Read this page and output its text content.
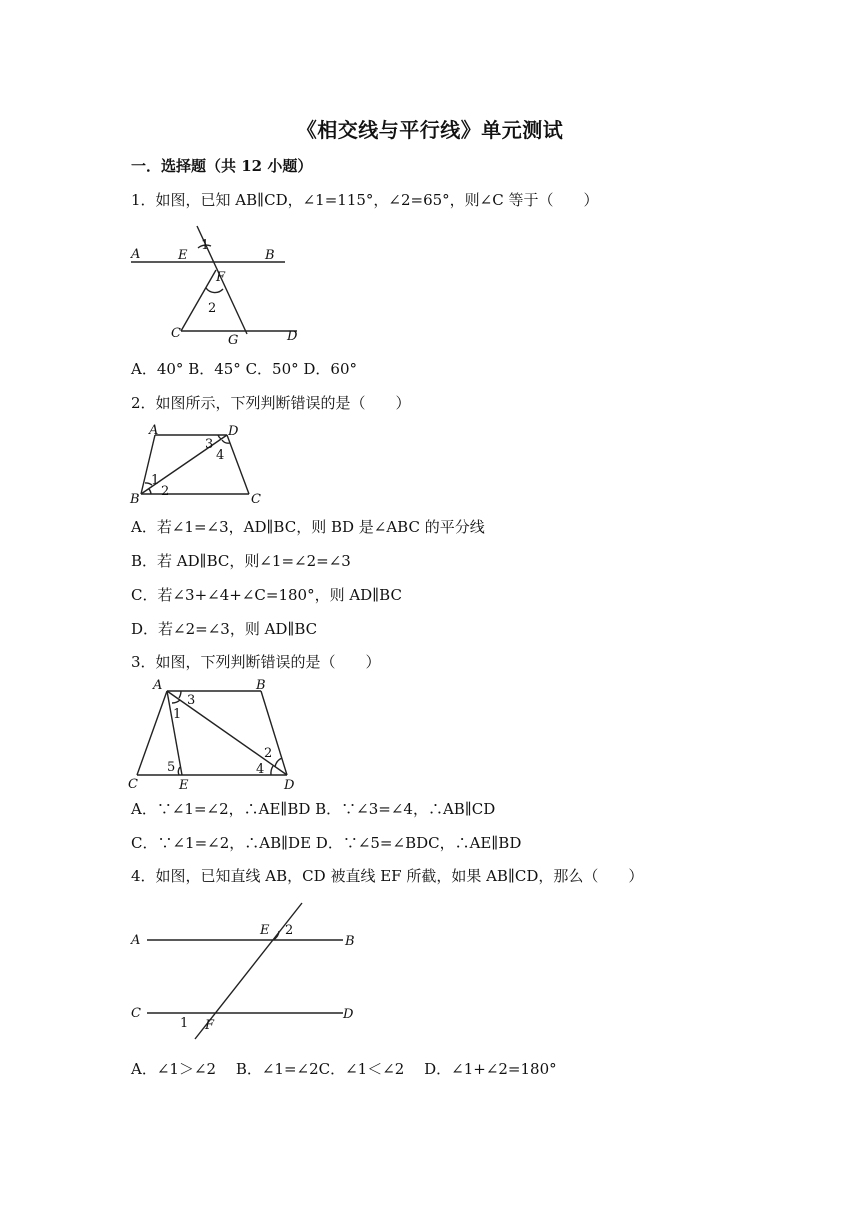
《相交线与平行线》单元测试
一．选择题（共 12 小题）
1．如图，已知 AB∥CD，∠1=115°，∠2=65°，则∠C 等于（　　）
A	E
1
B
F
2
C	G	D
A．40° B．45° C．50° D．60°
2．如图所示，下列判断错误的是（　　）
A	D
3
4
1
2
B	C
A．若∠1=∠3，AD∥BC，则 BD 是∠ABC 的平分线
B．若 AD∥BC，则∠1=∠2=∠3
C．若∠3+∠4+∠C=180°，则 AD∥BC
D．若∠2=∠3，则 AD∥BC
3．如图，下列判断错误的是（　　）
A	B
3
1
2
5	4
C	E	D
A．∵∠1=∠2，∴AE∥BD B．∵∠3=∠4，∴AB∥CD
C．∵∠1=∠2，∴AB∥DE D．∵∠5=∠BDC，∴AE∥BD
4．如图，已知直线 AB，CD 被直线 EF 所截，如果 AB∥CD，那么（　　）
A
E 2
B
C
1 F
D
A．∠1＞∠2　 B．∠1=∠2C．∠1＜∠2　 D．∠1+∠2=180°
